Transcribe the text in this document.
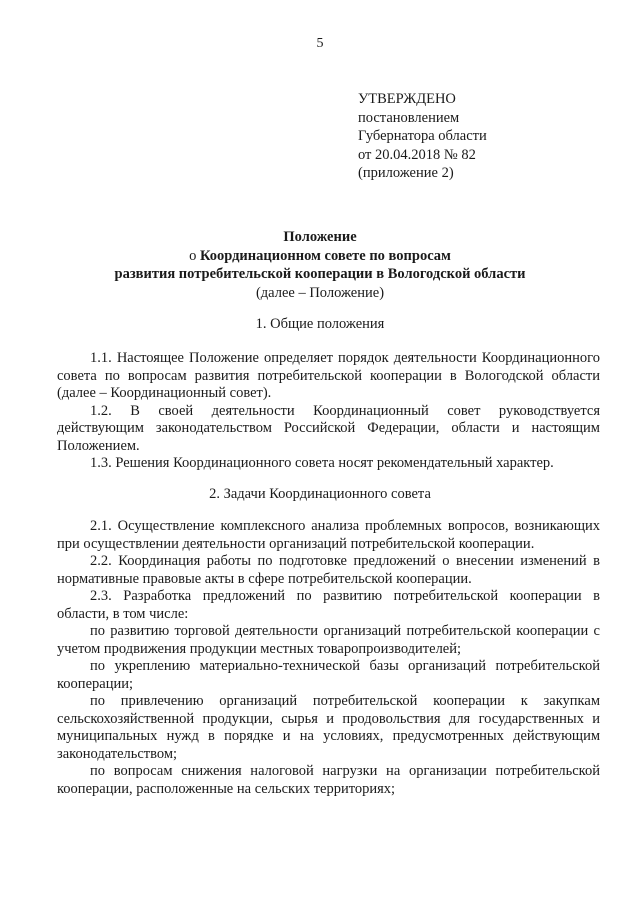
5
УТВЕРЖДЕНО
постановлением
Губернатора области
от 20.04.2018 № 82
(приложение 2)
Положение
о Координационном совете по вопросам
развития потребительской кооперации в Вологодской области
(далее – Положение)
1. Общие положения

1.1. Настоящее Положение определяет порядок деятельности Координационного совета по вопросам развития потребительской кооперации в Вологодской области (далее – Координационный совет).

1.2. В своей деятельности Координационный совет руководствуется действующим законодательством Российской Федерации, области и настоящим Положением.

1.3. Решения Координационного совета носят рекомендательный характер.

2. Задачи Координационного совета

2.1. Осуществление комплексного анализа проблемных вопросов, возникающих при осуществлении деятельности организаций потребительской кооперации.

2.2. Координация работы по подготовке предложений о внесении изменений в нормативные правовые акты в сфере потребительской кооперации.

2.3. Разработка предложений по развитию потребительской кооперации в области, в том числе:

по развитию торговой деятельности организаций потребительской кооперации с учетом продвижения продукции местных товаропроизводителей;

по укреплению материально-технической базы организаций потребительской кооперации;

по привлечению организаций потребительской кооперации к закупкам сельскохозяйственной продукции, сырья и продовольствия для государственных и муниципальных нужд в порядке и на условиях, предусмотренных действующим законодательством;

по вопросам снижения налоговой нагрузки на организации потребительской кооперации, расположенные на сельских территориях;
